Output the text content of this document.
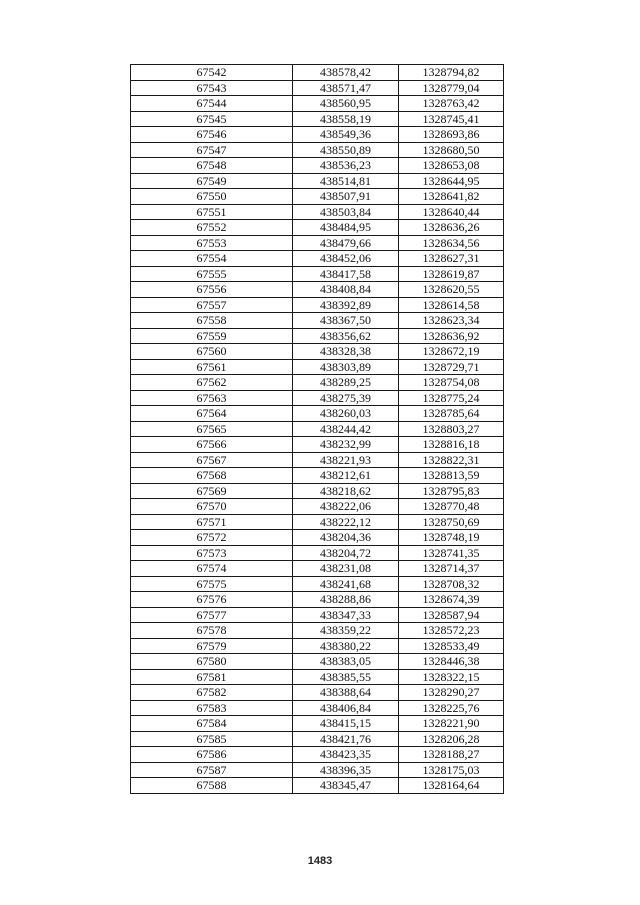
67542	438578,42	1328794,82
67543	438571,47	1328779,04
67544	438560,95	1328763,42
67545	438558,19	1328745,41
67546	438549,36	1328693,86
67547	438550,89	1328680,50
67548	438536,23	1328653,08
67549	438514,81	1328644,95
67550	438507,91	1328641,82
67551	438503,84	1328640,44
67552	438484,95	1328636,26
67553	438479,66	1328634,56
67554	438452,06	1328627,31
67555	438417,58	1328619,87
67556	438408,84	1328620,55
67557	438392,89	1328614,58
67558	438367,50	1328623,34
67559	438356,62	1328636,92
67560	438328,38	1328672,19
67561	438303,89	1328729,71
67562	438289,25	1328754,08
67563	438275,39	1328775,24
67564	438260,03	1328785,64
67565	438244,42	1328803,27
67566	438232,99	1328816,18
67567	438221,93	1328822,31
67568	438212,61	1328813,59
67569	438218,62	1328795,83
67570	438222,06	1328770,48
67571	438222,12	1328750,69
67572	438204,36	1328748,19
67573	438204,72	1328741,35
67574	438231,08	1328714,37
67575	438241,68	1328708,32
67576	438288,86	1328674,39
67577	438347,33	1328587,94
67578	438359,22	1328572,23
67579	438380,22	1328533,49
67580	438383,05	1328446,38
67581	438385,55	1328322,15
67582	438388,64	1328290,27
67583	438406,84	1328225,76
67584	438415,15	1328221,90
67585	438421,76	1328206,28
67586	438423,35	1328188,27
67587	438396,35	1328175,03
67588	438345,47	1328164,64
1483
